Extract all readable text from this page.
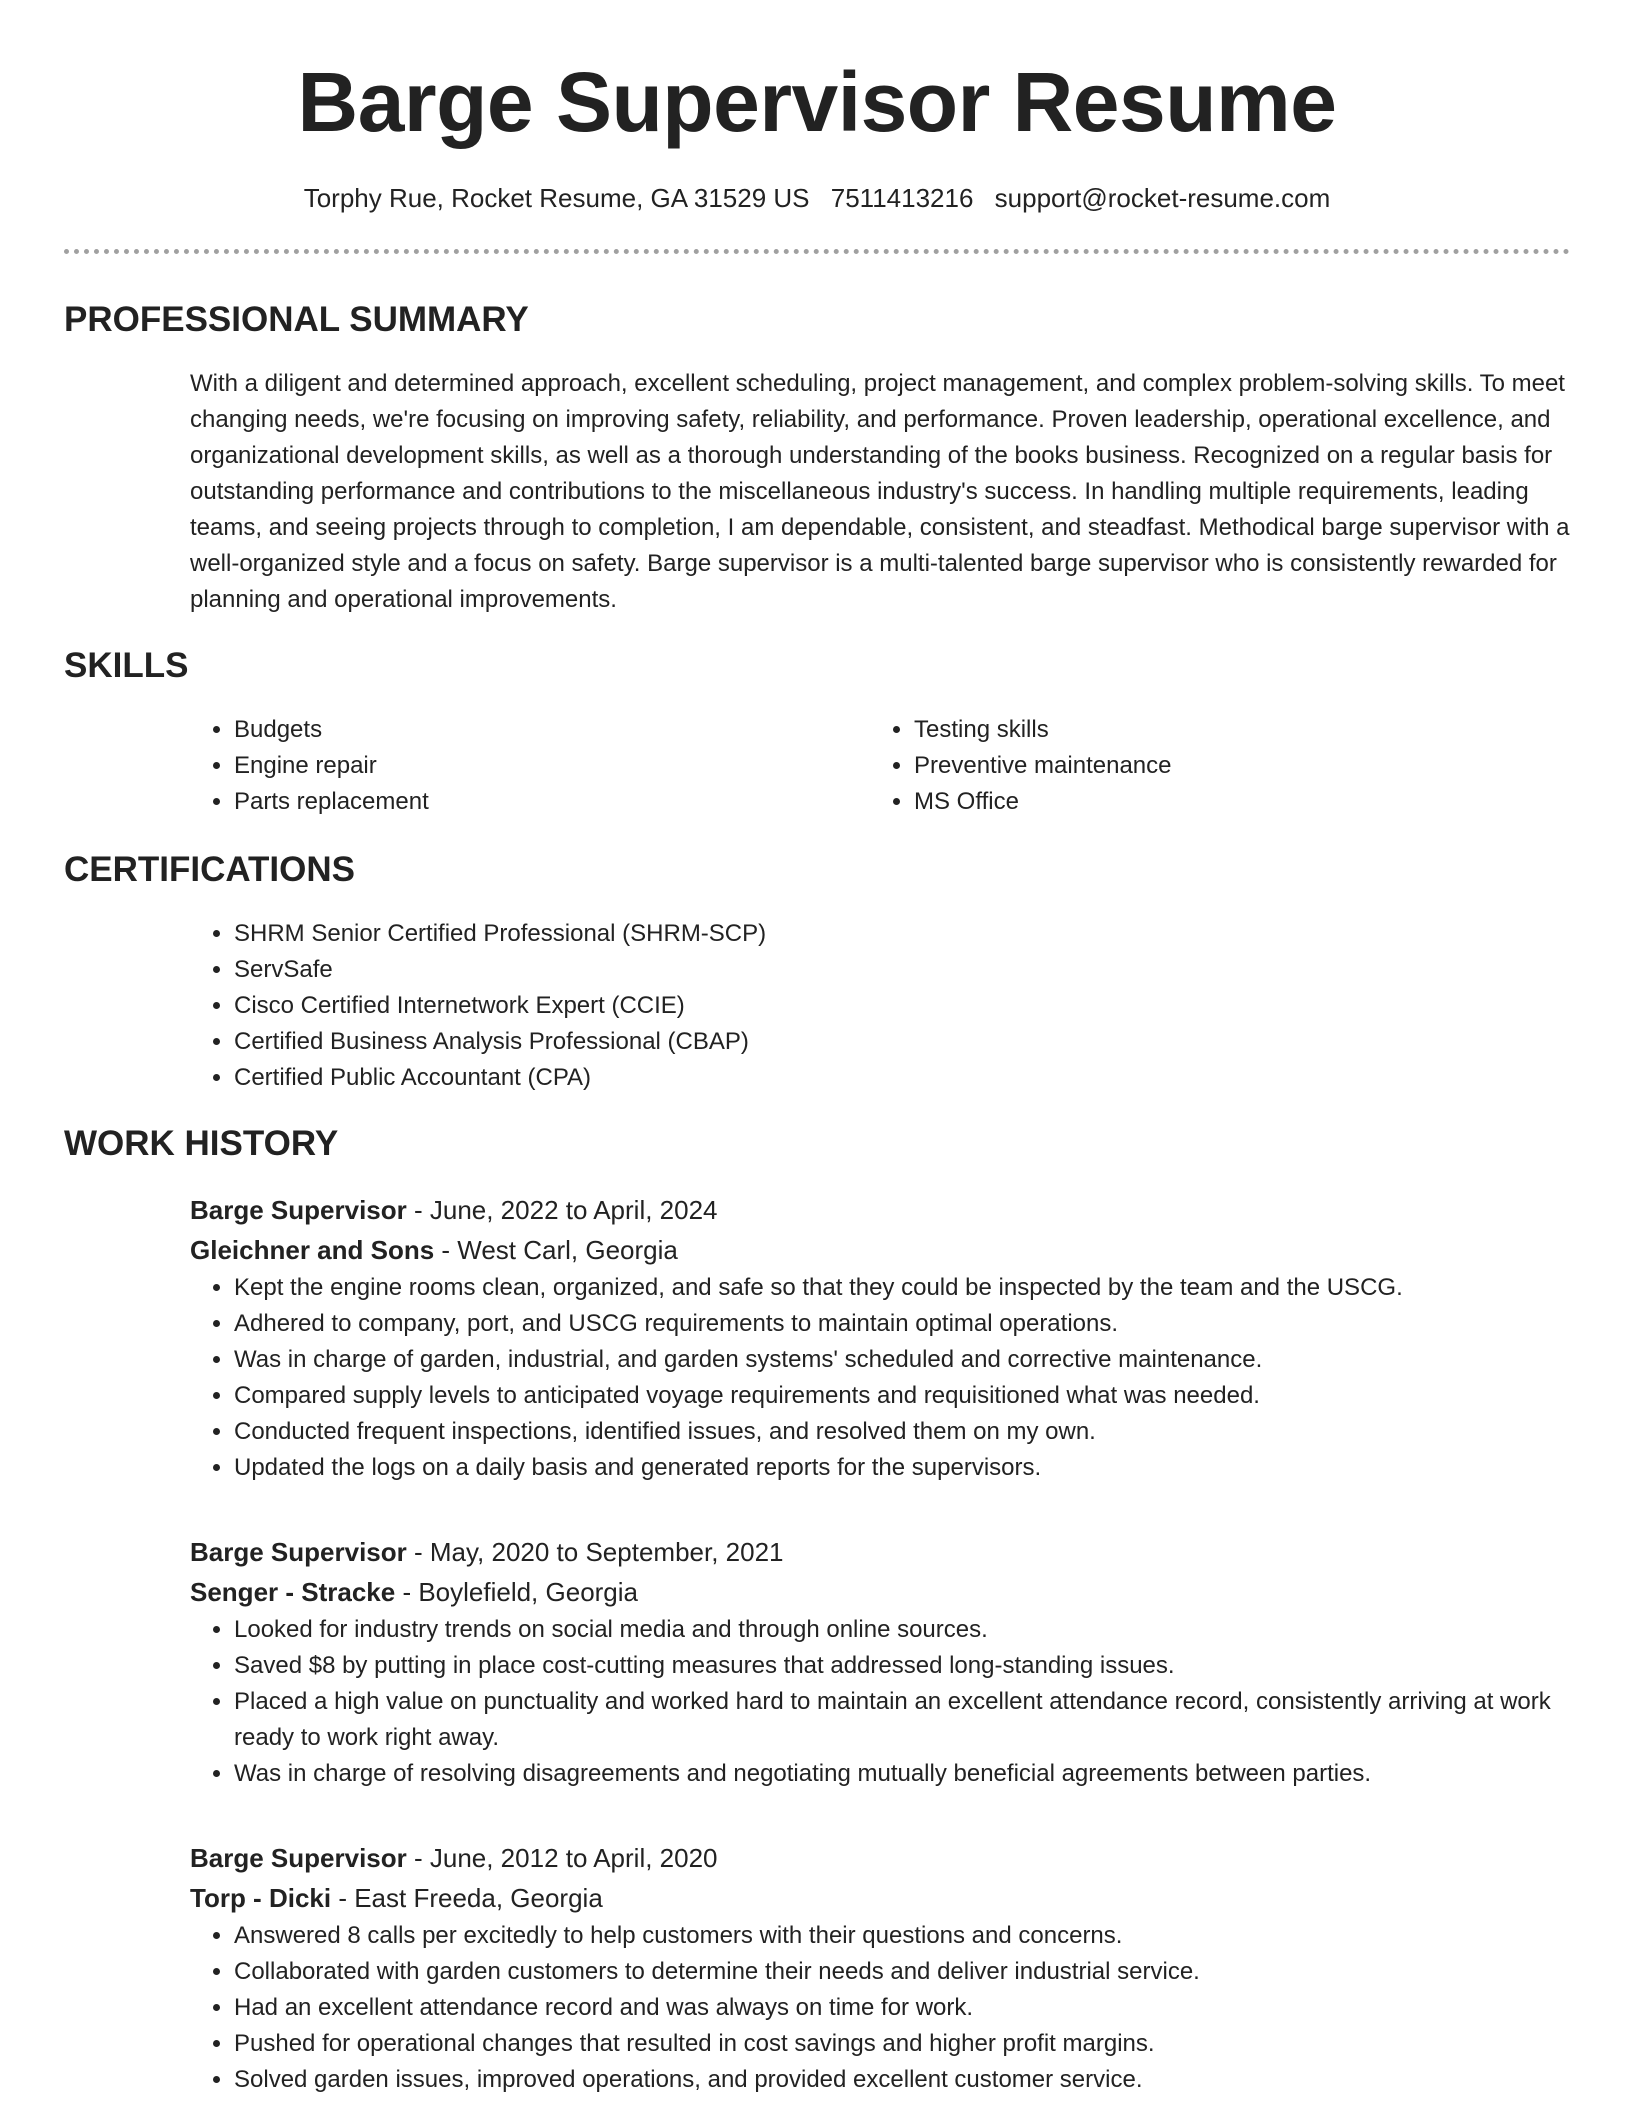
Barge Supervisor Resume
Torphy Rue, Rocket Resume, GA 31529 US 7511413216 support@rocket-resume.com
PROFESSIONAL SUMMARY

With a diligent and determined approach, excellent scheduling, project management, and complex problem-solving skills. To meet changing needs, we're focusing on improving safety, reliability, and performance. Proven leadership, operational excellence, and organizational development skills, as well as a thorough understanding of the books business. Recognized on a regular basis for outstanding performance and contributions to the miscellaneous industry's success. In handling multiple requirements, leading teams, and seeing projects through to completion, I am dependable, consistent, and steadfast. Methodical barge supervisor with a well-organized style and a focus on safety. Barge supervisor is a multi-talented barge supervisor who is consistently rewarded for planning and operational improvements.

SKILLS
• Budgets
• Engine repair
• Parts replacement
• Testing skills
• Preventive maintenance
• MS Office
CERTIFICATIONS
• SHRM Senior Certified Professional (SHRM-SCP)
• ServSafe
• Cisco Certified Internetwork Expert (CCIE)
• Certified Business Analysis Professional (CBAP)
• Certified Public Accountant (CPA)
WORK HISTORY
Barge Supervisor - June, 2022 to April, 2024
Gleichner and Sons - West Carl, Georgia
• Kept the engine rooms clean, organized, and safe so that they could be inspected by the team and the USCG.
• Adhered to company, port, and USCG requirements to maintain optimal operations.
• Was in charge of garden, industrial, and garden systems' scheduled and corrective maintenance.
• Compared supply levels to anticipated voyage requirements and requisitioned what was needed.
• Conducted frequent inspections, identified issues, and resolved them on my own.
• Updated the logs on a daily basis and generated reports for the supervisors.
Barge Supervisor - May, 2020 to September, 2021
Senger - Stracke - Boylefield, Georgia
• Looked for industry trends on social media and through online sources.
• Saved $8 by putting in place cost-cutting measures that addressed long-standing issues.
• Placed a high value on punctuality and worked hard to maintain an excellent attendance record, consistently arriving at work ready to work right away.
• Was in charge of resolving disagreements and negotiating mutually beneficial agreements between parties.
Barge Supervisor - June, 2012 to April, 2020
Torp - Dicki - East Freeda, Georgia
• Answered 8 calls per excitedly to help customers with their questions and concerns.
• Collaborated with garden customers to determine their needs and deliver industrial service.
• Had an excellent attendance record and was always on time for work.
• Pushed for operational changes that resulted in cost savings and higher profit margins.
• Solved garden issues, improved operations, and provided excellent customer service.
